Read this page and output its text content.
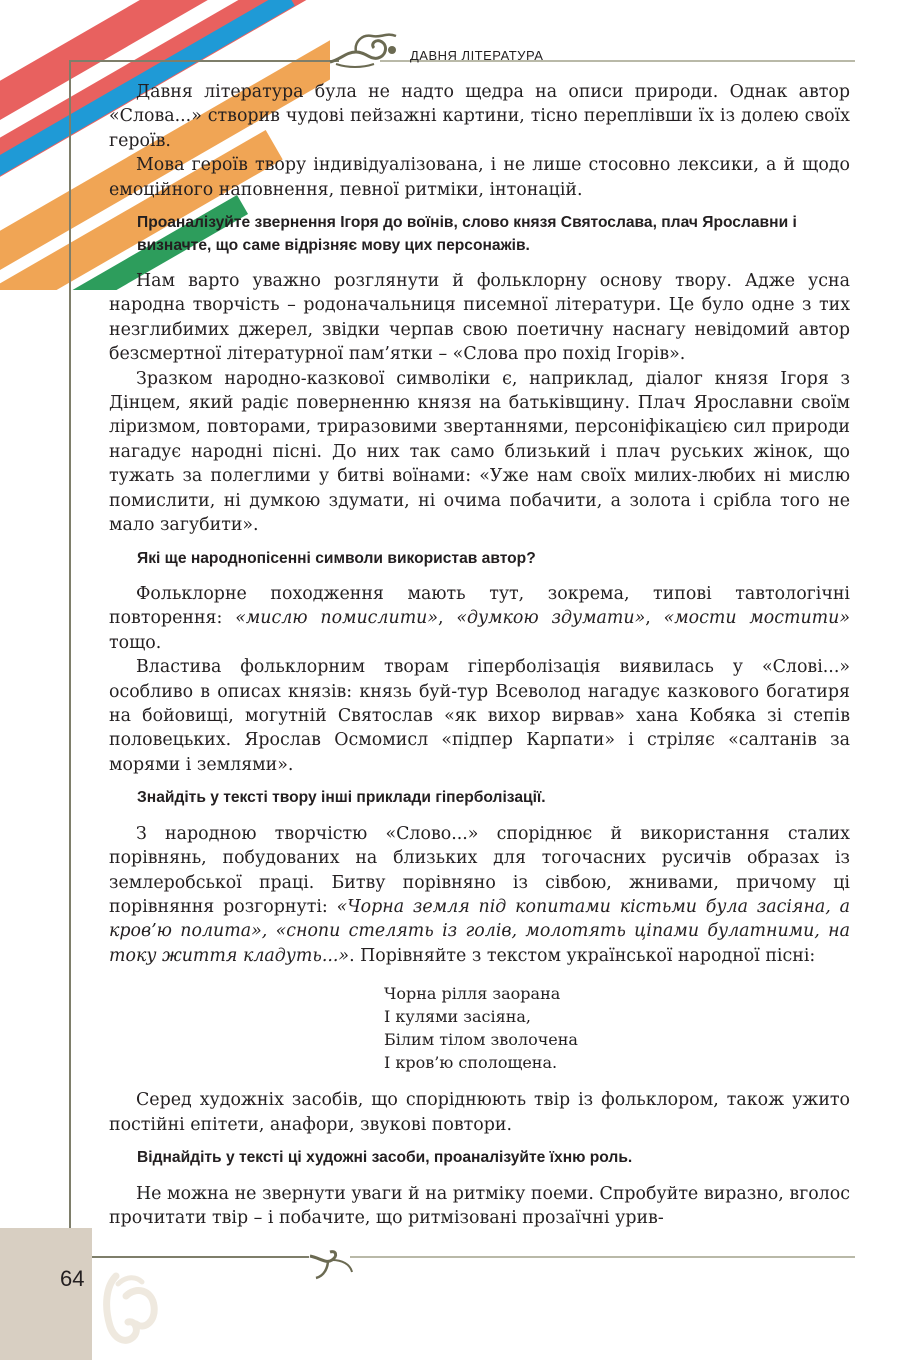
ДАВНЯ ЛІТЕРАТУРА
64

Давня література була не надто щедра на описи природи. Однак автор «Слова...» створив чудові пейзажні картини, тісно переплівши їх із долею своїх героїв.

Мова героїв твору індивідуалізована, і не лише стосовно лексики, а й щодо емоційного наповнення, певної ритміки, інтонацій.

Проаналізуйте звернення Ігоря до воїнів, слово князя Святослава, плач Ярославни і визначте, що саме відрізняє мову цих персонажів.

Нам варто уважно розглянути й фольклорну основу твору. Адже усна народна творчість – родоначальниця писемної літератури. Це було одне з тих незглибимих джерел, звідки черпав свою поетичну наснагу невідомий автор безсмертної літературної пам’ятки – «Слова про похід Ігорів».

Зразком народно-казкової символіки є, наприклад, діалог князя Ігоря з Дінцем, який радіє поверненню князя на батьківщину. Плач Ярославни своїм ліризмом, повторами, триразовими звертаннями, персоніфікацією сил природи нагадує народні пісні. До них так само близький і плач руських жінок, що тужать за полеглими у битві воїнами: «Уже нам своїх милих-любих ні мислю помислити, ні думкою здумати, ні очима побачити, а золота і срібла того не мало загубити».

Які ще народнопісенні символи використав автор?

Фольклорне походження мають тут, зокрема, типові тавтологічні повторення: «мислю помислити», «думкою здумати», «мости мостити» тощо.

Властива фольклорним творам гіперболізація виявилась у «Слові...» особливо в описах князів: князь буй-тур Всеволод нагадує казкового богатиря на бойовищі, могутній Святослав «як вихор вирвав» хана Кобяка зі степів половецьких. Ярослав Осмомисл «підпер Карпати» і стріляє «салтанів за морями і землями».

Знайдіть у тексті твору інші приклади гіперболізації.

З народною творчістю «Слово...» споріднює й використання сталих порівнянь, побудованих на близьких для тогочасних русичів образах із землеробської праці. Битву порівняно із сівбою, жнивами, причому ці порівняння розгорнуті: «Чорна земля під копитами кістьми була засіяна, а кров’ю полита», «снопи стелять із голів, молотять ціпами булатними, на току життя кладуть...». Порівняйте з текстом української народної пісні:

Чорна рілля заорана
І кулями засіяна,
Білим тілом зволочена
І кров’ю сполощена.

Серед художніх засобів, що споріднюють твір із фольклором, також ужито постійні епітети, анафори, звукові повтори.

Віднайдіть у тексті ці художні засоби, проаналізуйте їхню роль.

Не можна не звернути уваги й на ритміку поеми. Спробуйте виразно, вголос прочитати твір – і побачите, що ритмізовані прозаїчні урив-
